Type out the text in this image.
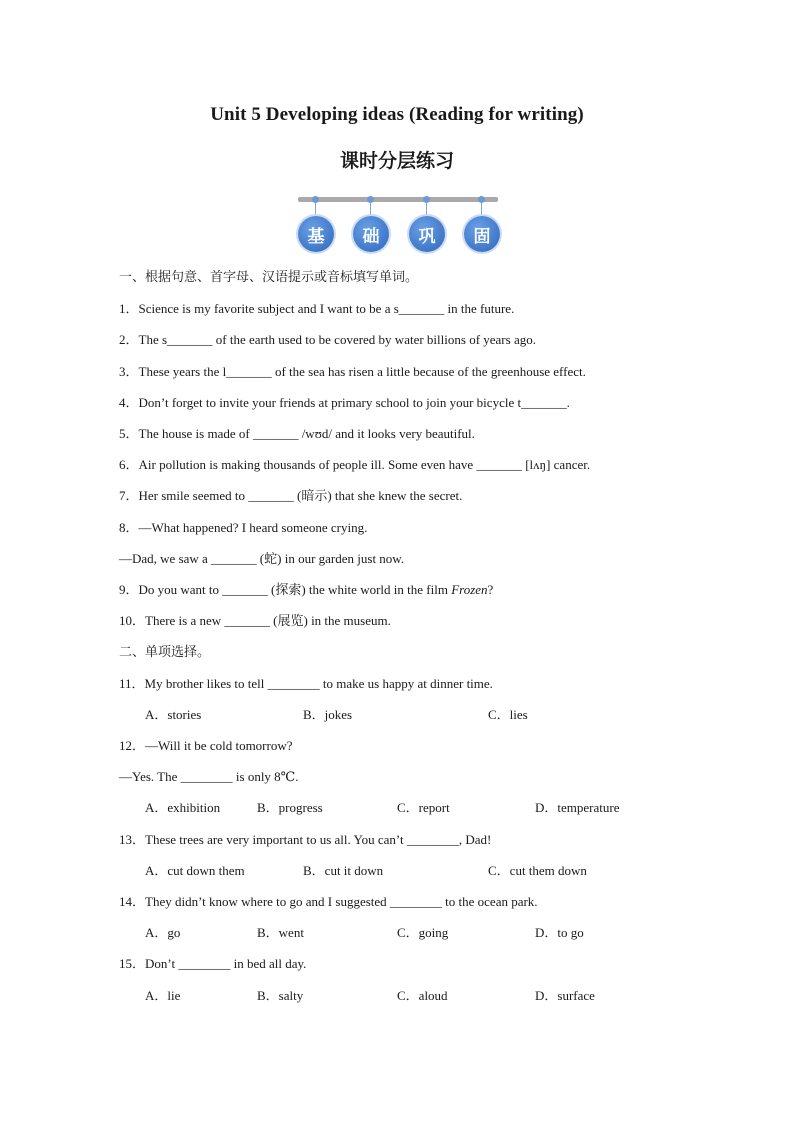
Unit 5 Developing ideas (Reading for writing)
课时分层练习
基	础	巩	固
一、根据句意、首字母、汉语提示或音标填写单词。
1．Science is my favorite subject and I want to be a s_______ in the future.
2．The s_______ of the earth used to be covered by water billions of years ago.
3．These years the l_______ of the sea has risen a little because of the greenhouse effect.
4．Don’t forget to invite your friends at primary school to join your bicycle t_______.
5．The house is made of _______ /wʊd/ and it looks very beautiful.
6．Air pollution is making thousands of people ill. Some even have _______ [lʌŋ] cancer.
7．Her smile seemed to _______ (暗示) that she knew the secret.
8．—What happened? I heard someone crying.
—Dad, we saw a _______ (蛇) in our garden just now.
9．Do you want to _______ (探索) the white world in the film Frozen?
10．There is a new _______ (展览) in the museum.
二、单项选择。
11．My brother likes to tell ________ to make us happy at dinner time.
A．stories	B．jokes	C．lies
12．—Will it be cold tomorrow?
—Yes. The ________ is only 8℃.
A．exhibition	B．progress	C．report	D．temperature
13．These trees are very important to us all. You can’t ________, Dad!
A．cut down them	B．cut it down	C．cut them down
14．They didn’t know where to go and I suggested ________ to the ocean park.
A．go	B．went	C．going	D．to go
15．Don’t ________ in bed all day.
A．lie	B．salty	C．aloud	D．surface
